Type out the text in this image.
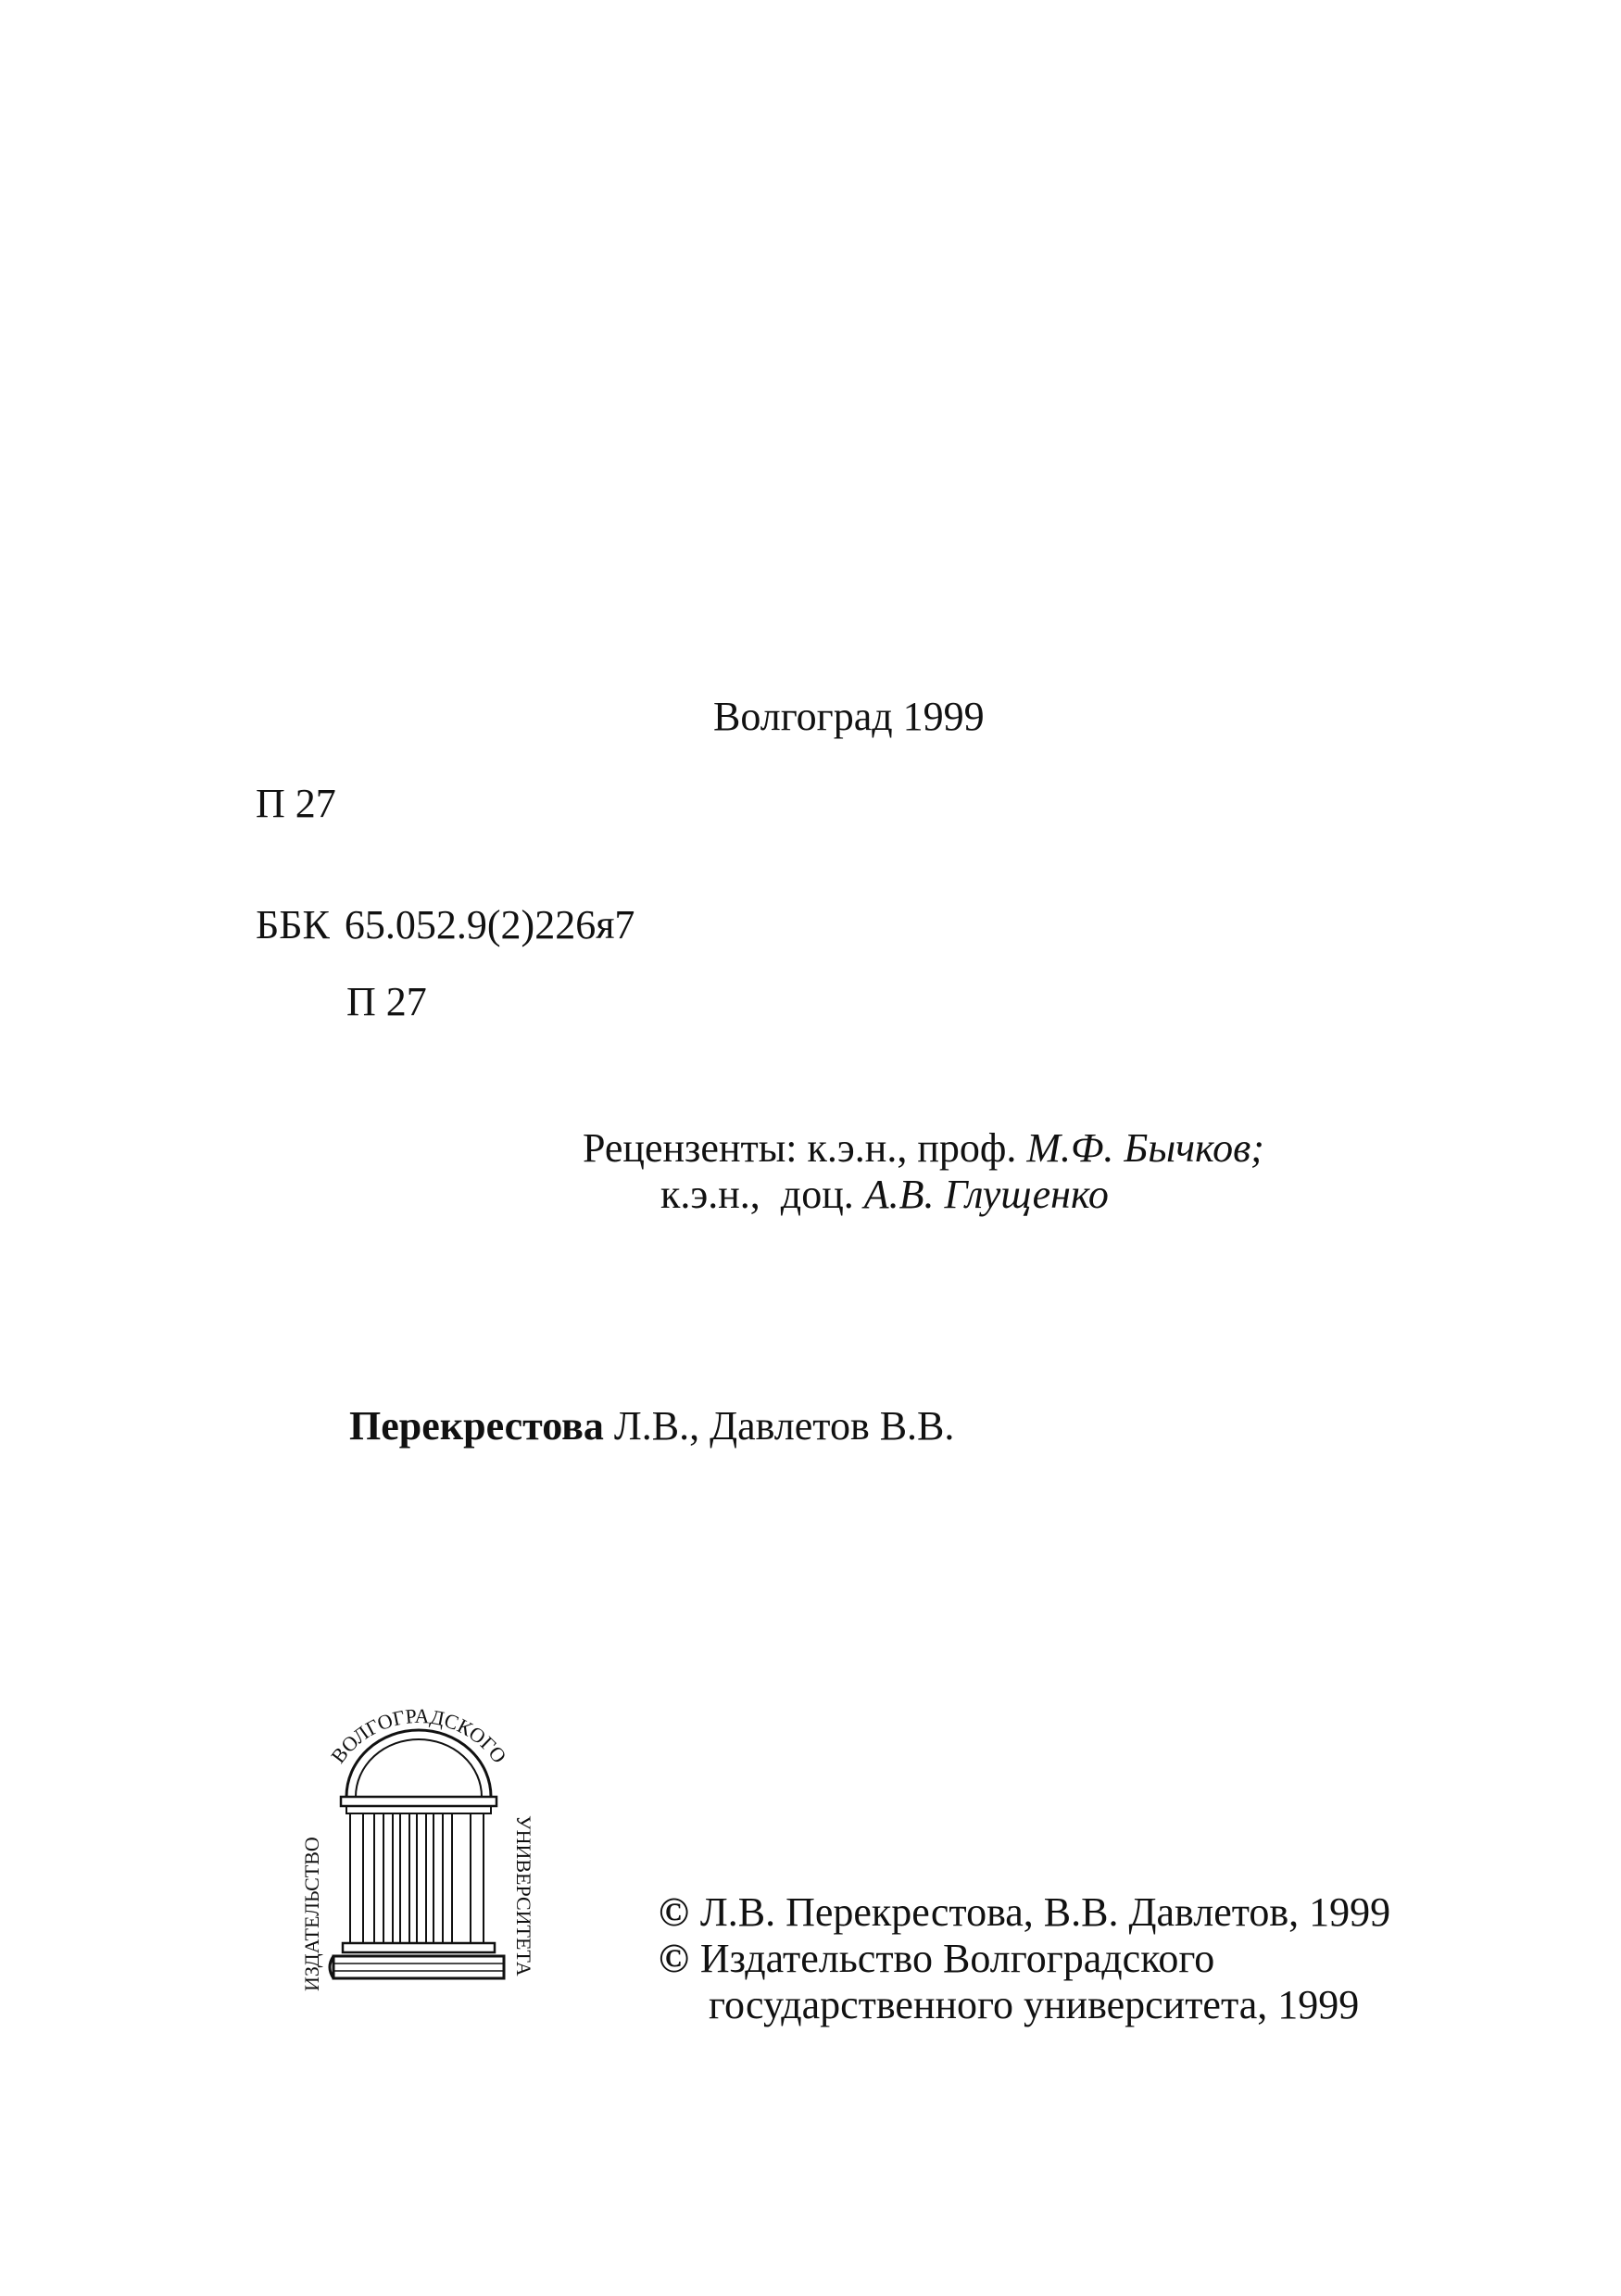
Волгоград 1999
П 27
ББК 65.052.9(2)226я7
П 27
Рецензенты: к.э.н., проф. М.Ф. Бычков;
к.э.н.,  доц. А.В. Глущенко
Перекрестова Л.В., Давлетов В.В.
ВОЛГОГРАДСКОГО
ИЗДАТЕЛЬСТВО	УНИВЕРСИТЕТА	© Л.В. Перекрестова, В.В. Давлетов, 1999
© Издательство Волгоградского
государственного университета, 1999
